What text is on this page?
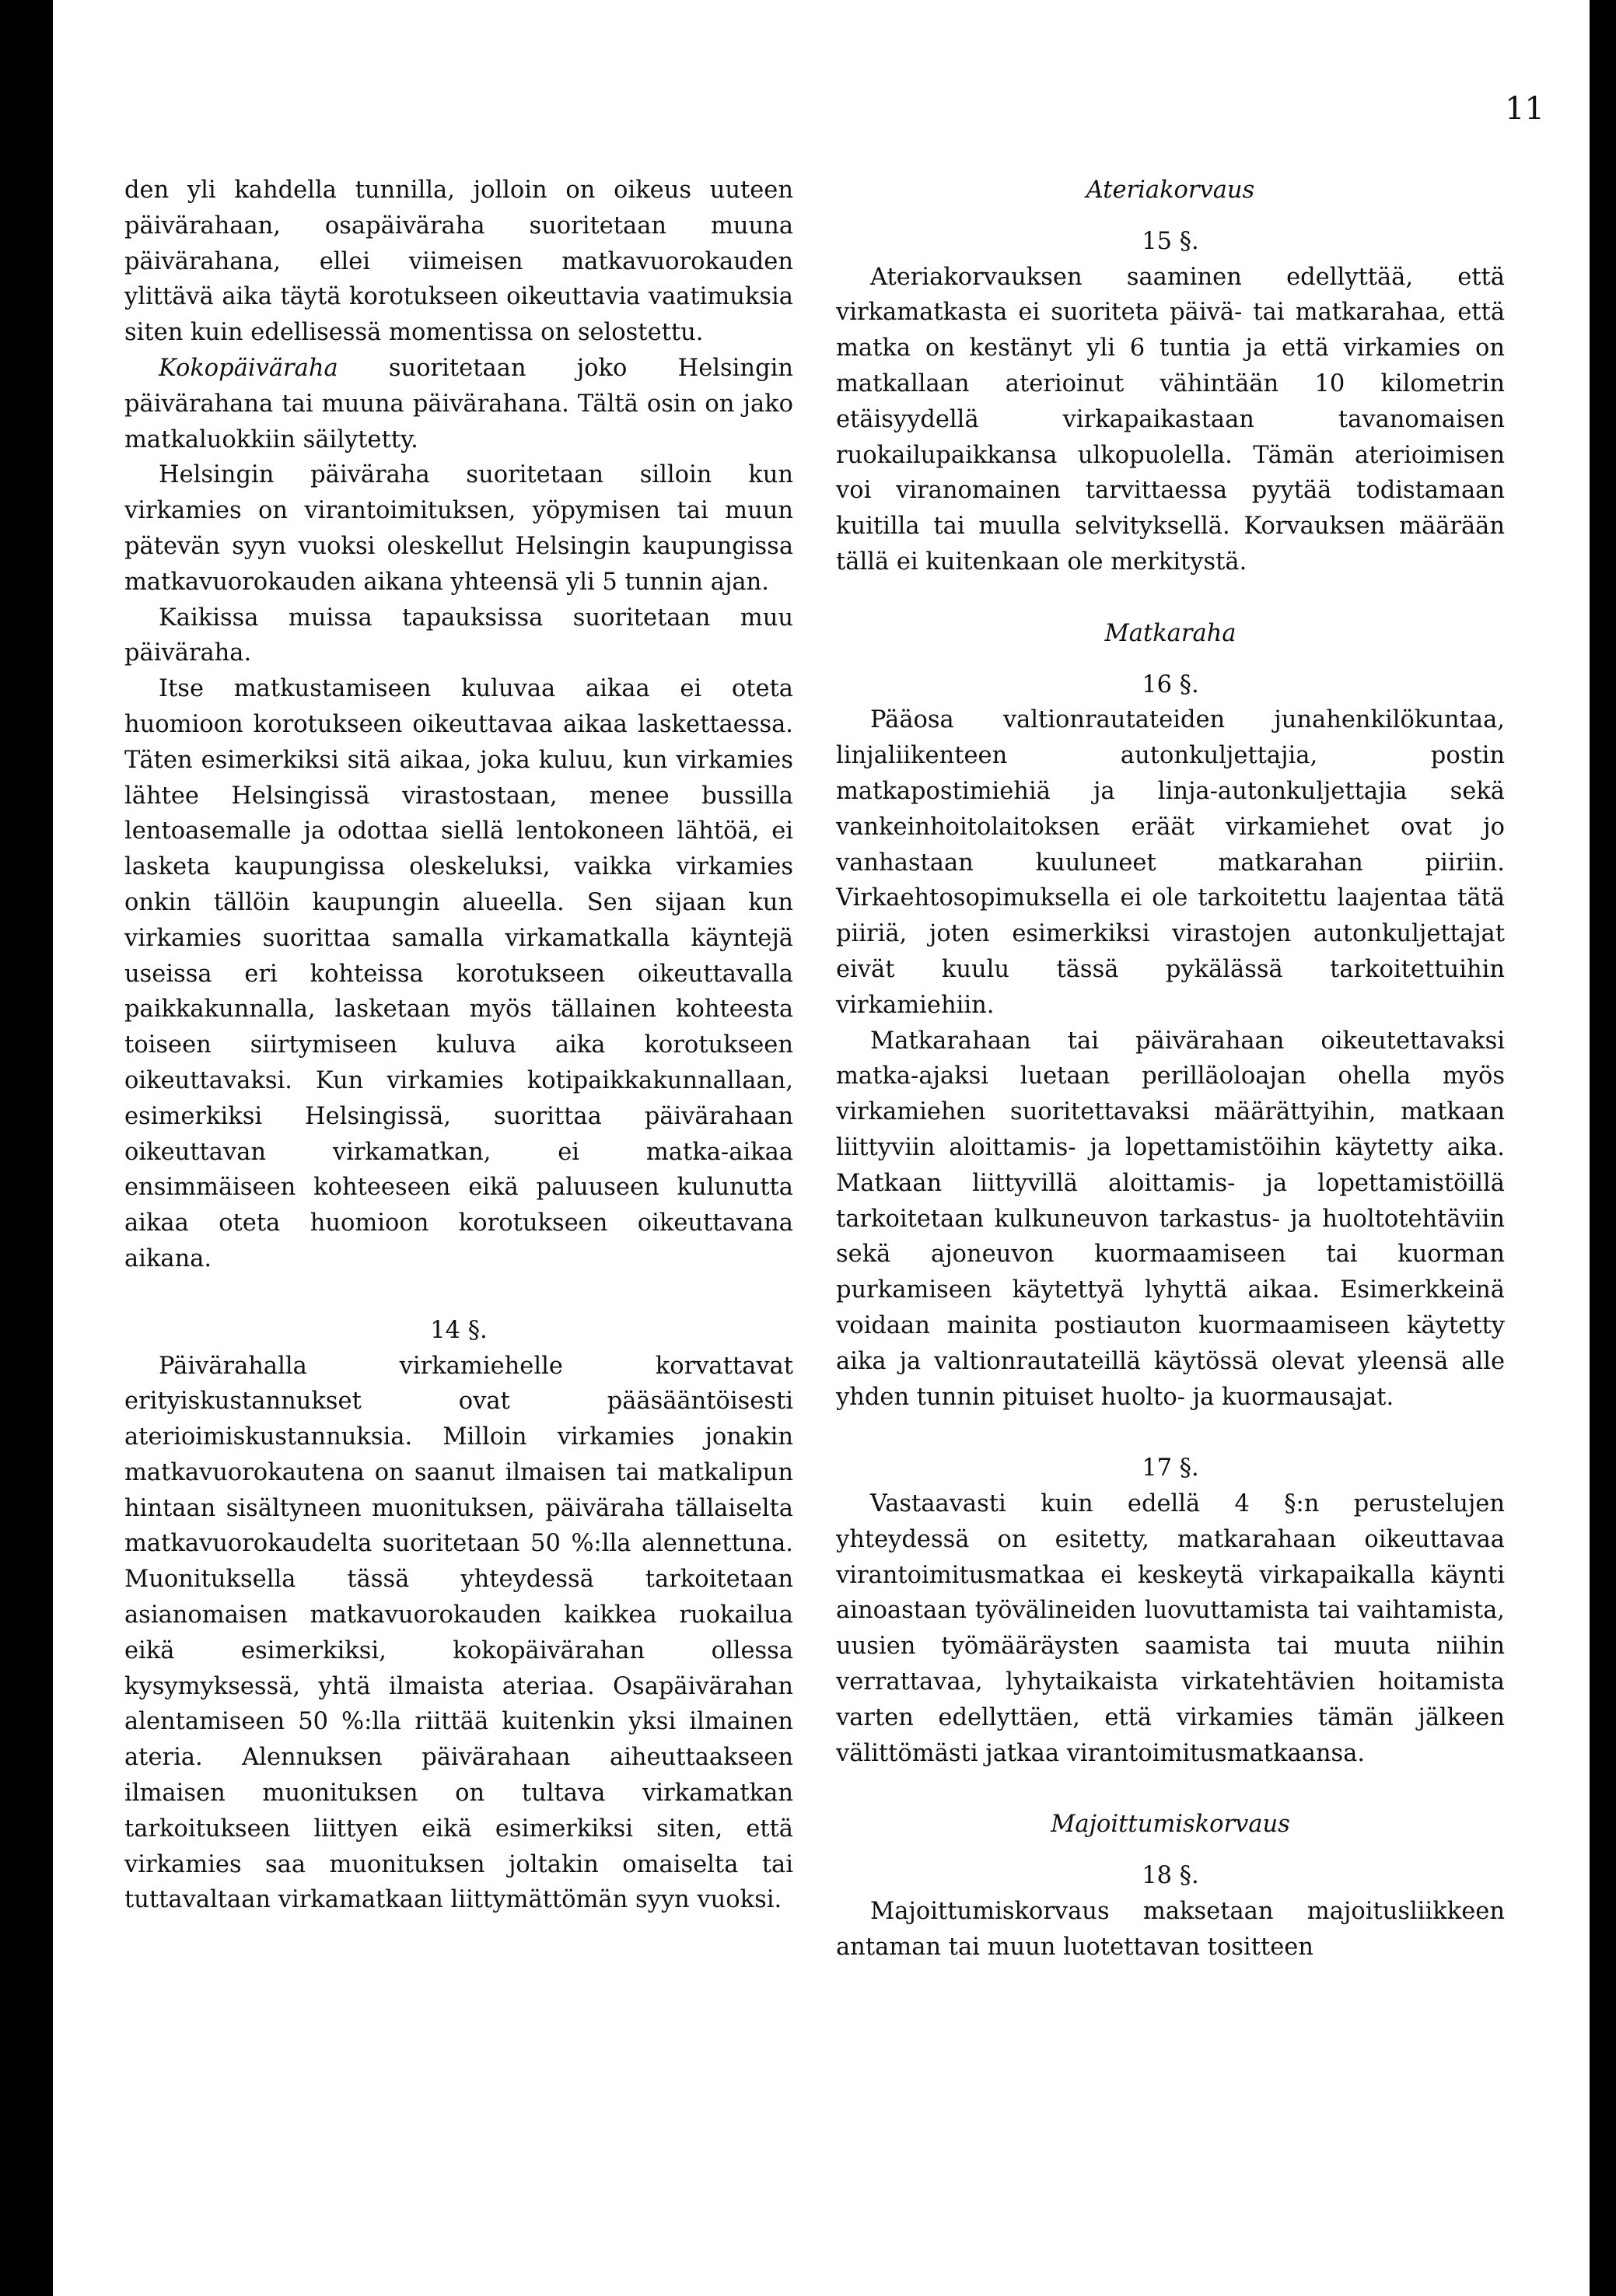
11

den yli kahdella tunnilla, jolloin on oikeus uuteen päivärahaan, osapäiväraha suoritetaan muuna päivärahana, ellei viimeisen matkavuorokauden ylittävä aika täytä korotukseen oikeuttavia vaatimuksia siten kuin edellisessä momentissa on selostettu.

Kokopäiväraha suoritetaan joko Helsingin päivärahana tai muuna päivärahana. Tältä osin on jako matkaluokkiin säilytetty.

Helsingin päiväraha suoritetaan silloin kun virkamies on virantoimituksen, yöpymisen tai muun pätevän syyn vuoksi oleskellut Helsingin kaupungissa matkavuorokauden aikana yhteensä yli 5 tunnin ajan.

Kaikissa muissa tapauksissa suoritetaan muu päiväraha.

Itse matkustamiseen kuluvaa aikaa ei oteta huomioon korotukseen oikeuttavaa aikaa laskettaessa. Täten esimerkiksi sitä aikaa, joka kuluu, kun virkamies lähtee Helsingissä virastostaan, menee bussilla lentoasemalle ja odottaa siellä lentokoneen lähtöä, ei lasketa kaupungissa oleskeluksi, vaikka virkamies onkin tällöin kaupungin alueella. Sen sijaan kun virkamies suorittaa samalla virkamatkalla käyntejä useissa eri kohteissa korotukseen oikeuttavalla paikkakunnalla, lasketaan myös tällainen kohteesta toiseen siirtymiseen kuluva aika korotukseen oikeuttavaksi. Kun virkamies kotipaikkakunnallaan, esimerkiksi Helsingissä, suorittaa päivärahaan oikeuttavan virkamatkan, ei matka-aikaa ensimmäiseen kohteeseen eikä paluuseen kulunutta aikaa oteta huomioon korotukseen oikeuttavana aikana.

14 §.

Päivärahalla virkamiehelle korvattavat erityiskustannukset ovat pääsääntöisesti aterioimiskustannuksia. Milloin virkamies jonakin matkavuorokautena on saanut ilmaisen tai matkalipun hintaan sisältyneen muonituksen, päiväraha tällaiselta matkavuorokaudelta suoritetaan 50 %:lla alennettuna. Muonituksella tässä yhteydessä tarkoitetaan asianomaisen matkavuorokauden kaikkea ruokailua eikä esimerkiksi, kokopäivärahan ollessa kysymyksessä, yhtä ilmaista ateriaa. Osapäivärahan alentamiseen 50 %:lla riittää kuitenkin yksi ilmainen ateria. Alennuksen päivärahaan aiheuttaakseen ilmaisen muonituksen on tultava virkamatkan tarkoitukseen liittyen eikä esimerkiksi siten, että virkamies saa muonituksen joltakin omaiselta tai tuttavaltaan virkamatkaan liittymättömän syyn vuoksi.

Ateriakorvaus

15 §.

Ateriakorvauksen saaminen edellyttää, että virkamatkasta ei suoriteta päivä- tai matkarahaa, että matka on kestänyt yli 6 tuntia ja että virkamies on matkallaan aterioinut vähintään 10 kilometrin etäisyydellä virkapaikastaan tavanomaisen ruokailupaikkansa ulkopuolella. Tämän aterioimisen voi viranomainen tarvittaessa pyytää todistamaan kuitilla tai muulla selvityksellä. Korvauksen määrään tällä ei kuitenkaan ole merkitystä.

Matkaraha

16 §.

Pääosa valtionrautateiden junahenkilökuntaa, linjaliikenteen autonkuljettajia, postin matkapostimiehiä ja linja-autonkuljettajia sekä vankeinhoitolaitoksen eräät virkamiehet ovat jo vanhastaan kuuluneet matkarahan piiriin. Virkaehtosopimuksella ei ole tarkoitettu laajentaa tätä piiriä, joten esimerkiksi virastojen autonkuljettajat eivät kuulu tässä pykälässä tarkoitettuihin virkamiehiin.

Matkarahaan tai päivärahaan oikeutettavaksi matka-ajaksi luetaan perilläoloajan ohella myös virkamiehen suoritettavaksi määrättyihin, matkaan liittyviin aloittamis- ja lopettamistöihin käytetty aika. Matkaan liittyvillä aloittamis- ja lopettamistöillä tarkoitetaan kulkuneuvon tarkastus- ja huoltotehtäviin sekä ajoneuvon kuormaamiseen tai kuorman purkamiseen käytettyä lyhyttä aikaa. Esimerkkeinä voidaan mainita postiauton kuormaamiseen käytetty aika ja valtionrautateillä käytössä olevat yleensä alle yhden tunnin pituiset huolto- ja kuormausajat.

17 §.

Vastaavasti kuin edellä 4 §:n perustelujen yhteydessä on esitetty, matkarahaan oikeuttavaa virantoimitusmatkaa ei keskeytä virkapaikalla käynti ainoastaan työvälineiden luovuttamista tai vaihtamista, uusien työmääräysten saamista tai muuta niihin verrattavaa, lyhytaikaista virkatehtävien hoitamista varten edellyttäen, että virkamies tämän jälkeen välittömästi jatkaa virantoimitusmatkaansa.

Majoittumiskorvaus

18 §.

Majoittumiskorvaus maksetaan majoitusliikkeen antaman tai muun luotettavan tositteen
